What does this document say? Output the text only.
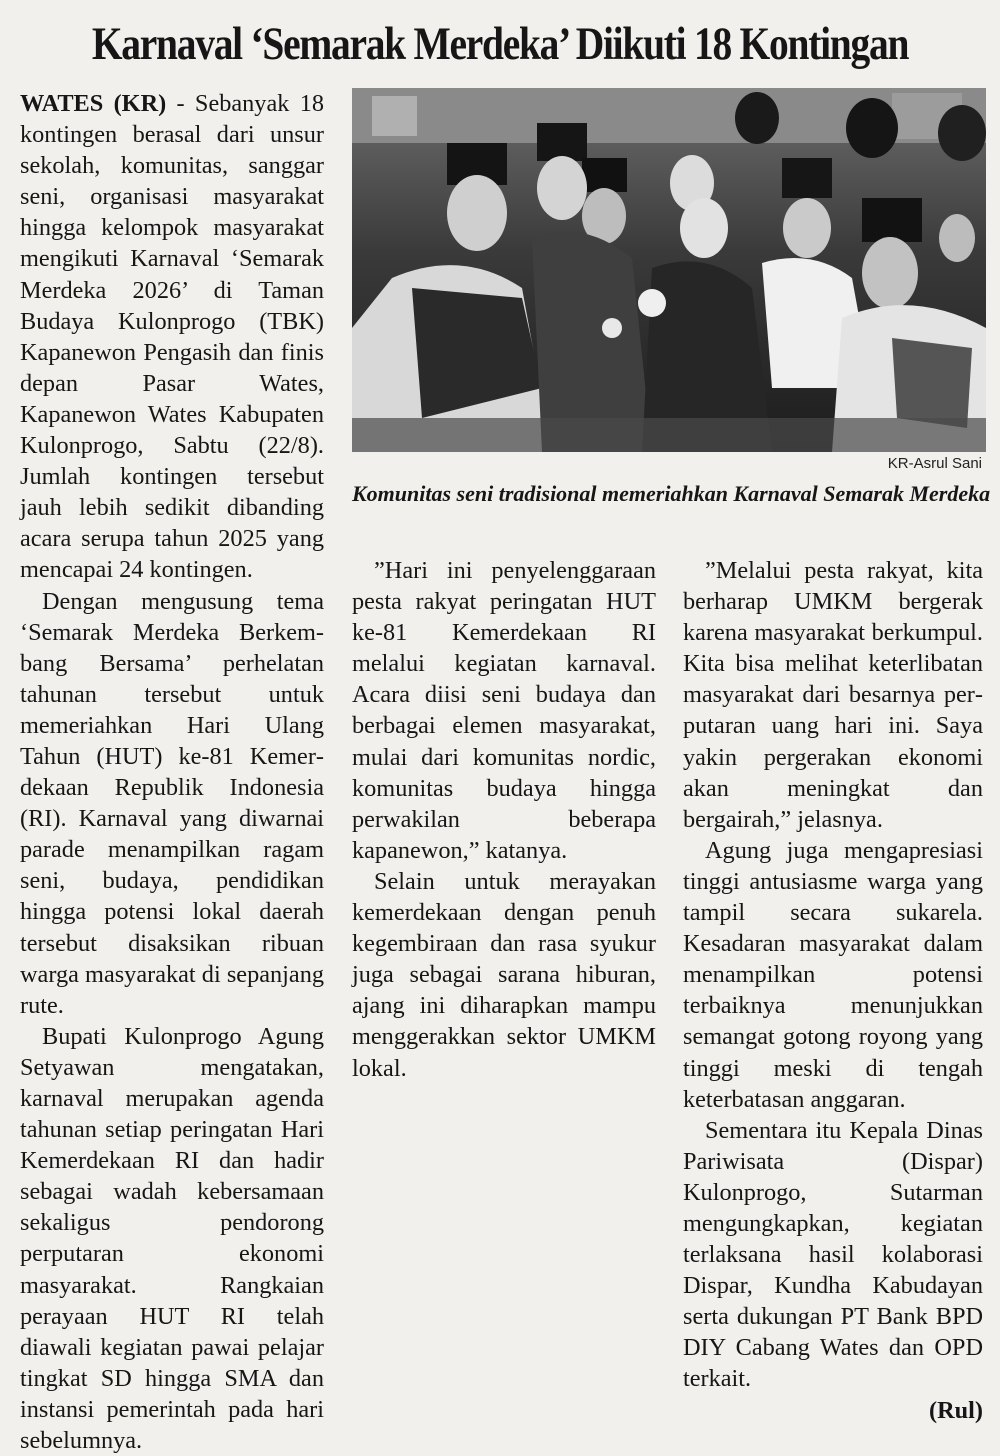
Karnaval ‘Semarak Merdeka’ Diikuti 18 Kontingan

WATES (KR) - Sebanyak 18 kontingen berasal dari unsur sekolah, komunitas, sanggar seni, organisasi masyarakat hingga kelompok masyarakat mengikuti Karnaval ‘Semarak Merdeka 2026’ di Taman Budaya Kulonprogo (TBK) Kapanewon Pengasih dan finis depan Pasar Wates, Kapanewon Wates Kabupaten Kulonprogo, Sabtu (22/8). Jumlah kontingen tersebut jauh lebih sedikit dibanding acara serupa tahun 2025 yang mencapai 24 kontingen.

Dengan mengusung tema ‘Semarak Merdeka Berkembang Bersama’ perhelatan tahunan tersebut untuk memeriahkan Hari Ulang Tahun (HUT) ke-81 Kemerdekaan Republik Indonesia (RI). Karnaval yang diwarnai parade menampilkan ragam seni, budaya, pendidikan hingga potensi lokal daerah tersebut disaksikan ribuan warga masyarakat di sepanjang rute.

Bupati Kulonprogo Agung Setyawan mengatakan, karnaval merupakan agenda tahunan setiap peringatan Hari Kemerdekaan RI dan hadir sebagai wadah kebersamaan sekaligus pendorong perputaran ekonomi masyarakat. Rangkaian perayaan HUT RI telah diawali kegiatan pawai pelajar tingkat SD hingga SMA dan instansi pemerintah pada hari sebelumnya.

KR-Asrul Sani
Komunitas seni tradisional memeriahkan Karnaval Semarak Merdeka

”Hari ini penyelenggaraan pesta rakyat peringatan HUT ke-81 Kemerdekaan RI melalui kegiatan karnaval. Acara diisi seni budaya dan berbagai elemen masyarakat, mulai dari komunitas nordic, komunitas budaya hingga perwakilan beberapa kapanewon,” katanya.

Selain untuk merayakan kemerdekaan dengan penuh kegembiraan dan rasa syukur juga sebagai sarana hiburan, ajang ini diharapkan mampu menggerakkan sektor UMKM lokal.

”Melalui pesta rakyat, kita berharap UMKM bergerak karena masyarakat berkumpul. Kita bisa melihat keterlibatan masyarakat dari besarnya perputaran uang hari ini. Saya yakin pergerakan ekonomi akan meningkat dan bergairah,” jelasnya.

Agung juga mengapresiasi tinggi antusiasme warga yang tampil secara sukarela. Kesadaran masyarakat dalam menampilkan potensi terbaiknya menunjukkan semangat gotong royong yang tinggi meski di tengah keterbatasan anggaran.

Sementara itu Kepala Dinas Pariwisata (Dispar) Kulonprogo, Sutarman mengungkapkan, kegiatan terlaksana hasil kolaborasi Dispar, Kundha Kabudayan serta dukungan PT Bank BPD DIY Cabang Wates dan OPD terkait.

(Rul)
